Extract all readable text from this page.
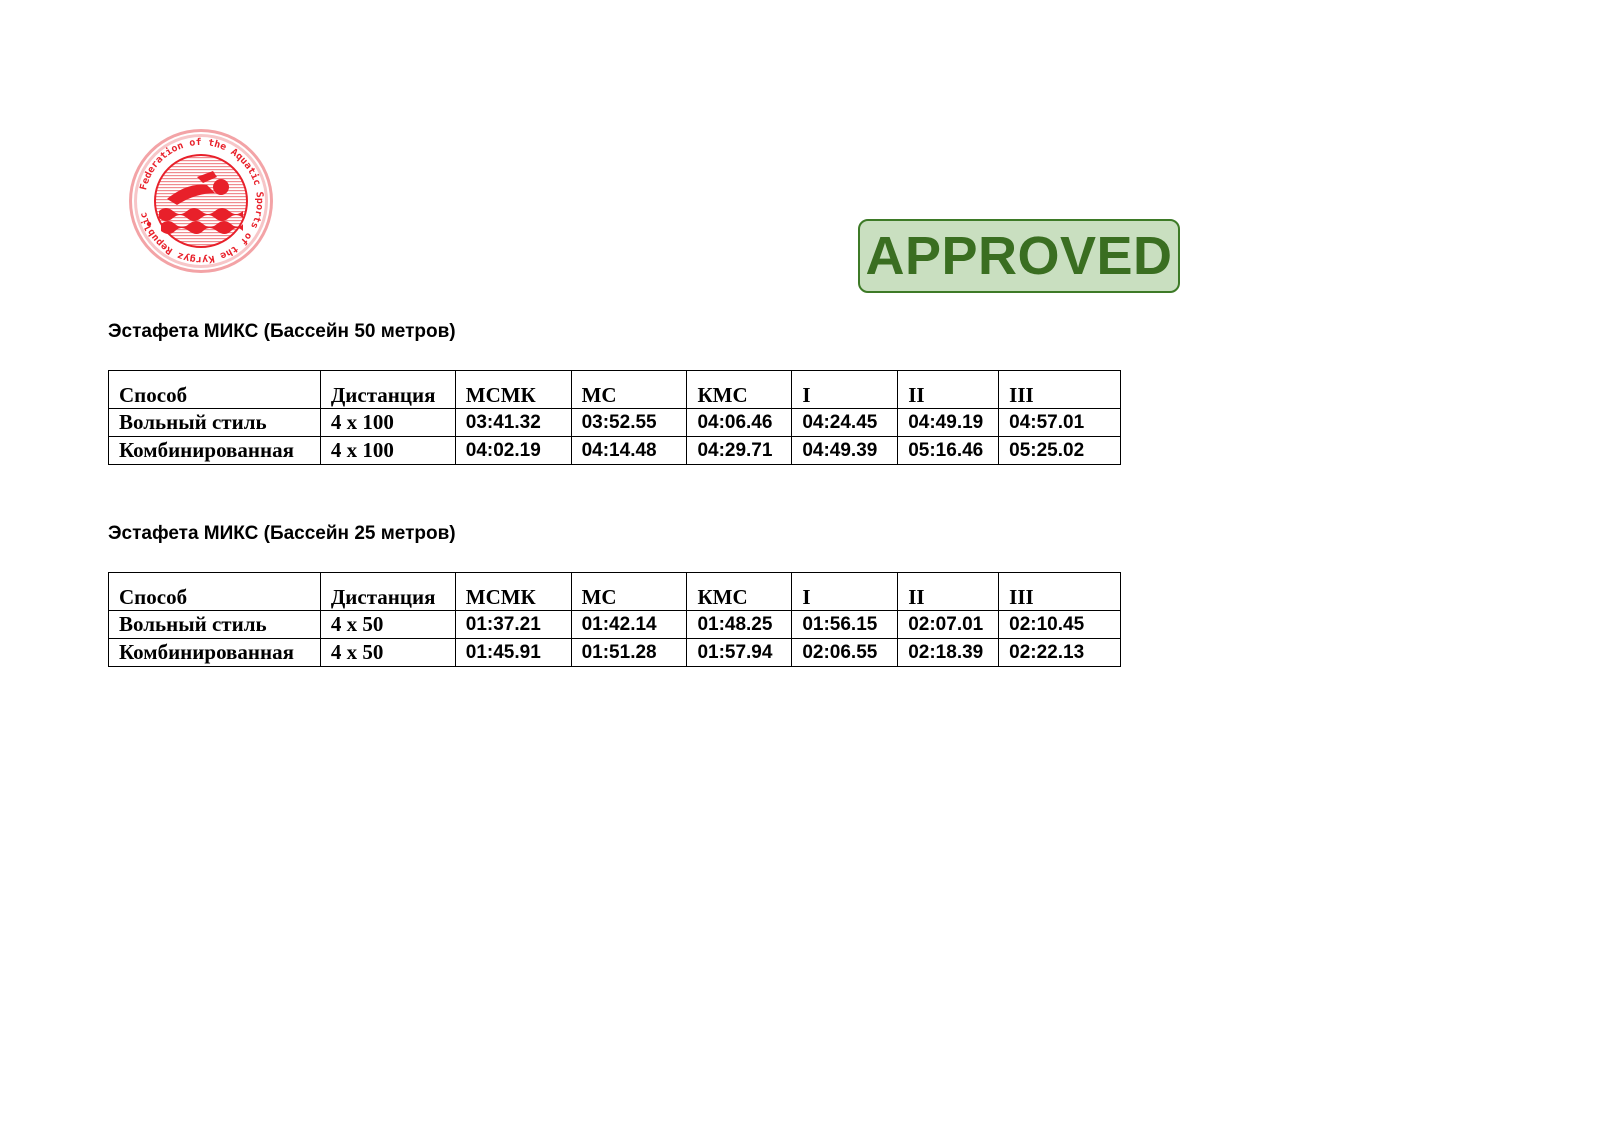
Federation of the Aquatic Sports of the Kyrgyz Republic
APPROVED
Эстафета МИКС (Бассейн 50 метров)
Способ	Дистанция	МСМК	МС	КМС	I	II	III
Вольный стиль	4 x 100	03:41.32	03:52.55	04:06.46	04:24.45	04:49.19	04:57.01
Комбинированная	4 x 100	04:02.19	04:14.48	04:29.71	04:49.39	05:16.46	05:25.02
Эстафета МИКС (Бассейн 25 метров)
Способ	Дистанция	МСМК	МС	КМС	I	II	III
Вольный стиль	4 x 50	01:37.21	01:42.14	01:48.25	01:56.15	02:07.01	02:10.45
Комбинированная	4 x 50	01:45.91	01:51.28	01:57.94	02:06.55	02:18.39	02:22.13
